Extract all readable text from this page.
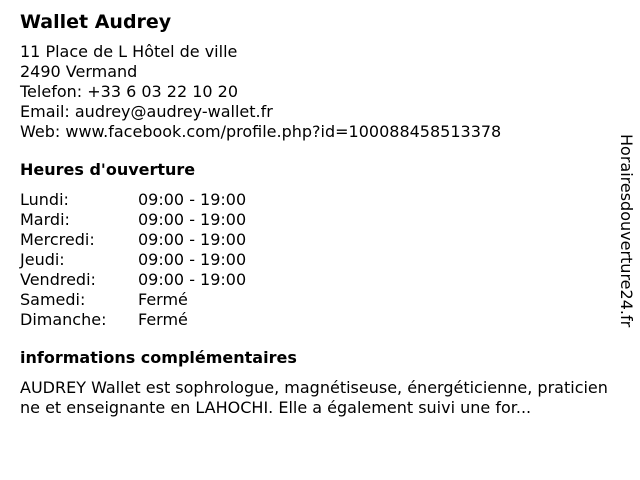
Wallet Audrey
11 Place de L Hôtel de ville
2490 Vermand
Telefon: +33 6 03 22 10 20
Email: audrey@audrey-wallet.fr
Web: www.facebook.com/profile.php?id=100088458513378
Heures d'ouverture
Lundi:	09:00 - 19:00
Mardi:	09:00 - 19:00
Mercredi:	09:00 - 19:00
Jeudi:	09:00 - 19:00
Vendredi:	09:00 - 19:00
Samedi:	Fermé
Dimanche:	Fermé
informations complémentaires
AUDREY Wallet est sophrologue, magnétiseuse, énergéticienne, praticienne et enseignante en LAHOCHI. Elle a également suivi une for...
Horairesdouverture24.fr
